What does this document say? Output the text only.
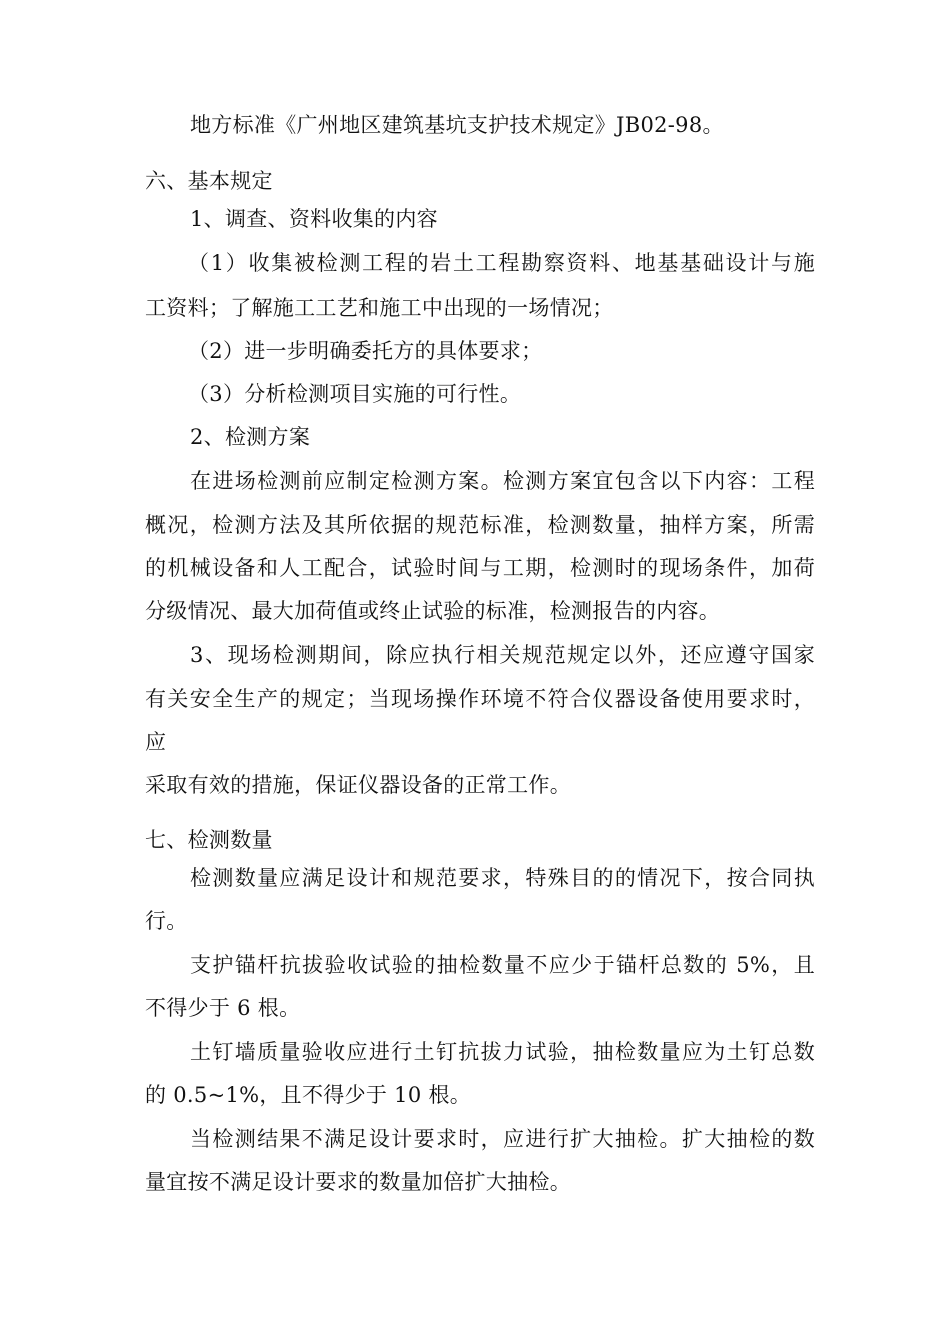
地方标准《广州地区建筑基坑支护技术规定》JB02-98。
六、基本规定
1、调查、资料收集的内容
（1）收集被检测工程的岩土工程勘察资料、地基基础设计与施
工资料；了解施工工艺和施工中出现的一场情况；
（2）进一步明确委托方的具体要求；
（3）分析检测项目实施的可行性。
2、检测方案
在进场检测前应制定检测方案。检测方案宜包含以下内容：工程
概况，检测方法及其所依据的规范标准，检测数量，抽样方案，所需
的机械设备和人工配合，试验时间与工期，检测时的现场条件，加荷
分级情况、最大加荷值或终止试验的标准，检测报告的内容。
3、现场检测期间，除应执行相关规范规定以外，还应遵守国家
有关安全生产的规定；当现场操作环境不符合仪器设备使用要求时，
应
采取有效的措施，保证仪器设备的正常工作。
七、检测数量
检测数量应满足设计和规范要求，特殊目的的情况下，按合同执
行。
支护锚杆抗拔验收试验的抽检数量不应少于锚杆总数的 5%，且
不得少于 6 根。
土钉墙质量验收应进行土钉抗拔力试验，抽检数量应为土钉总数
的 0.5~1%，且不得少于 10 根。
当检测结果不满足设计要求时，应进行扩大抽检。扩大抽检的数
量宜按不满足设计要求的数量加倍扩大抽检。
